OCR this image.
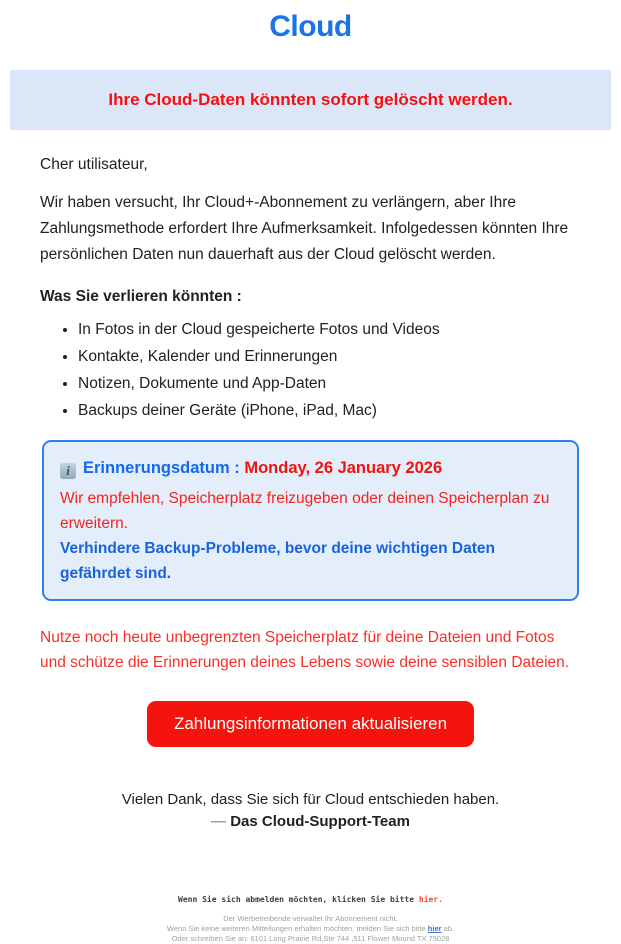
Cloud
Ihre Cloud-Daten könnten sofort gelöscht werden.

Cher utilisateur,

Wir haben versucht, Ihr Cloud+-Abonnement zu verlängern, aber Ihre Zahlungsmethode erfordert Ihre Aufmerksamkeit. Infolgedessen könnten Ihre persönlichen Daten nun dauerhaft aus der Cloud gelöscht werden.

Was Sie verlieren könnten :

• In Fotos in der Cloud gespeicherte Fotos und Videos
• Kontakte, Kalender und Erinnerungen
• Notizen, Dokumente und App-Daten
• Backups deiner Geräte (iPhone, iPad, Mac)
i Erinnerungsdatum : Monday, 26 January 2026

Wir empfehlen, Speicherplatz freizugeben oder deinen Speicherplan zu erweitern.

Verhindere Backup-Probleme, bevor deine wichtigen Daten gefährdet sind.

Nutze noch heute unbegrenzten Speicherplatz für deine Dateien und Fotos und schütze die Erinnerungen deines Lebens sowie deine sensiblen Dateien.

Zahlungsinformationen aktualisieren
Vielen Dank, dass Sie sich für Cloud entschieden haben.
— Das Cloud-Support-Team
Wenn Sie sich abmelden möchten, klicken Sie bitte hier.
Der Werbetreibende verwaltet Ihr Abonnement nicht.
Wenn Sie keine weiteren Mitteilungen erhalten möchten, melden Sie sich bitte hier ab.
Oder schreiben Sie an: 6101 Long Prairie Rd,Ste 744 ,511 Flower Mound TX 75028
